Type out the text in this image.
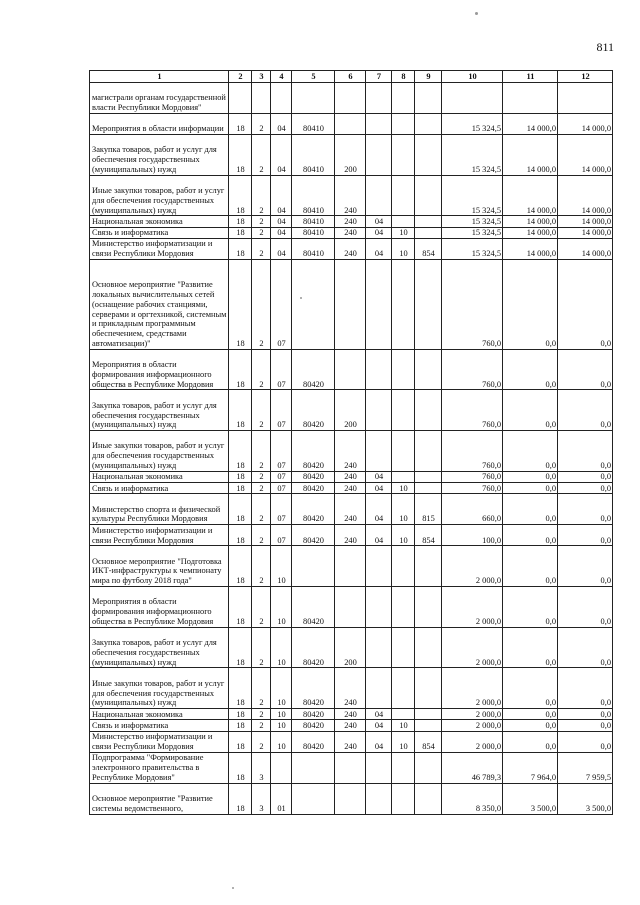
811
1	2	3	4	5	6	7	8	9	10	11	12
магистрали органам государственной власти Республики Мордовия"											
Мероприятия в области информации	18	2	04	80410					15 324,5	14 000,0	14 000,0
Закупка товаров, работ и услуг для обеспечения государственных (муниципальных) нужд	18	2	04	80410	200				15 324,5	14 000,0	14 000,0
Иные закупки товаров, работ и услуг для обеспечения государственных (муниципальных) нужд	18	2	04	80410	240				15 324,5	14 000,0	14 000,0
Национальная экономика	18	2	04	80410	240	04			15 324,5	14 000,0	14 000,0
Связь и информатика	18	2	04	80410	240	04	10		15 324,5	14 000,0	14 000,0
Министерство информатизации и связи Республики Мордовия	18	2	04	80410	240	04	10	854	15 324,5	14 000,0	14 000,0
Основное мероприятие "Развитие локальных вычислительных сетей (оснащение рабочих станциями, серверами и оргтехникой, системным и прикладным программным обеспечением, средствами автоматизации)"	18	2	07						760,0	0,0	0,0
Мероприятия в области формирования информационного общества в Республике Мордовия	18	2	07	80420					760,0	0,0	0,0
Закупка товаров, работ и услуг для обеспечения государственных (муниципальных) нужд	18	2	07	80420	200				760,0	0,0	0,0
Иные закупки товаров, работ и услуг для обеспечения государственных (муниципальных) нужд	18	2	07	80420	240				760,0	0,0	0,0
Национальная экономика	18	2	07	80420	240	04			760,0	0,0	0,0
Связь и информатика	18	2	07	80420	240	04	10		760,0	0,0	0,0
Министерство спорта и физической культуры Республики Мордовия	18	2	07	80420	240	04	10	815	660,0	0,0	0,0
Министерство информатизации и связи Республики Мордовия	18	2	07	80420	240	04	10	854	100,0	0,0	0,0
Основное мероприятие "Подготовка ИКТ-инфраструктуры к чемпионату мира по футболу 2018 года"	18	2	10						2 000,0	0,0	0,0
Мероприятия в области формирования информационного общества в Республике Мордовия	18	2	10	80420					2 000,0	0,0	0,0
Закупка товаров, работ и услуг для обеспечения государственных (муниципальных) нужд	18	2	10	80420	200				2 000,0	0,0	0,0
Иные закупки товаров, работ и услуг для обеспечения государственных (муниципальных) нужд	18	2	10	80420	240				2 000,0	0,0	0,0
Национальная экономика	18	2	10	80420	240	04			2 000,0	0,0	0,0
Связь и информатика	18	2	10	80420	240	04	10		2 000,0	0,0	0,0
Министерство информатизации и связи Республики Мордовия	18	2	10	80420	240	04	10	854	2 000,0	0,0	0,0
Подпрограмма "Формирование электронного правительства в Республике Мордовия"	18	3							46 789,3	7 964,0	7 959,5
Основное мероприятие "Развитие системы ведомственного,	18	3	01						8 350,0	3 500,0	3 500,0
